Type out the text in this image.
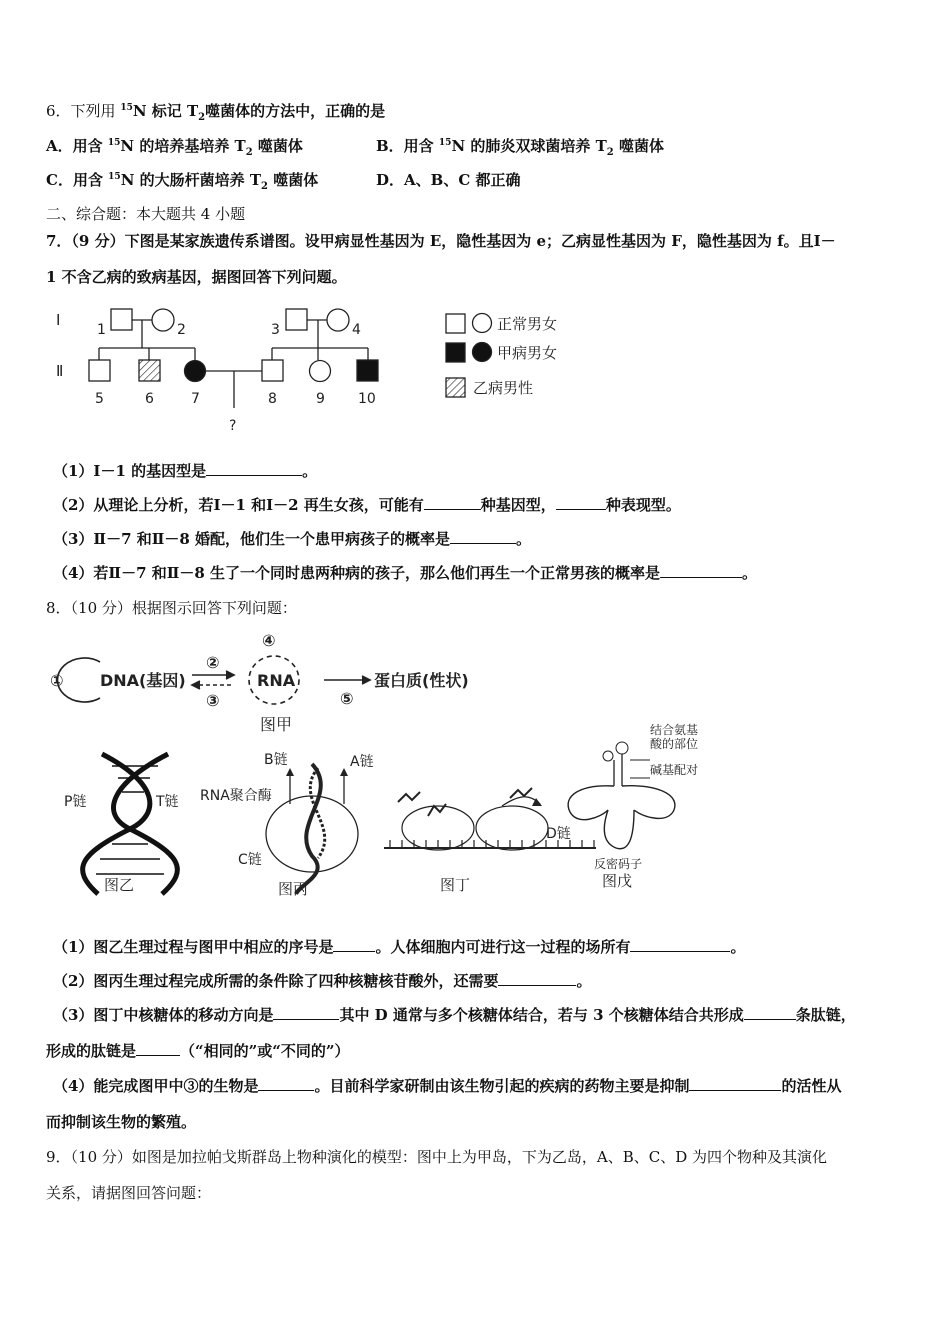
6．下列用 $^{15}$N 标记 $T_2$噬菌体的方法中，正确的是
A．用含 $^{15}$N 的培养基培养 $T_2$ 噬菌体	B．用含 $^{15}$N 的肺炎双球菌培养 $T_2$ 噬菌体
C．用含 $^{15}$N 的大肠杆菌培养 $T_2$ 噬菌体	D．A、B、C 都正确
二、综合题：本大题共 4 小题
7．（9 分）下图是某家族遗传系谱图。设甲病显性基因为 E，隐性基因为 e；乙病显性基因为 F，隐性基因为 f。且Ⅰ－
1 不含乙病的致病基因，据图回答下列问题。
Ⅰ
Ⅱ
1	2	3	4
5	6	7	8	9 10
?
正常男女
甲病男女
乙病男性
（1）Ⅰ－1 的基因型是	。
（2）从理论上分析，若Ⅰ－1 和Ⅰ－2 再生女孩，可能有	种基因型，	种表现型。
（3）Ⅱ－7 和Ⅱ－8 婚配，他们生一个患甲病孩子的概率是	。
（4）若Ⅱ－7 和Ⅱ－8 生了一个同时患两种病的孩子，那么他们再生一个正常男孩的概率是	。
8．（10 分）根据图示回答下列问题：
① DNA(基因)
②
③
④
RNA
⑤
蛋白质(性状)
图甲
P链	T链
图乙
B链	A链
RNA聚合酶
C链
图丙
D链
图丁
结合氨基
酸的部位
碱基配对
反密码子
图戊
（1）图乙生理过程与图甲中相应的序号是	。人体细胞内可进行这一过程的场所有	。
（2）图丙生理过程完成所需的条件除了四种核糖核苷酸外，还需要	。
（3）图丁中核糖体的移动方向是	其中 D 通常与多个核糖体结合，若与 3 个核糖体结合共形成	条肽链，
形成的肽链是	（“相同的”或“不同的”）
（4）能完成图甲中③的生物是	。目前科学家研制由该生物引起的疾病的药物主要是抑制	的活性从
而抑制该生物的繁殖。
9．（10 分）如图是加拉帕戈斯群岛上物种演化的模型：图中上为甲岛，下为乙岛，A、B、C、D 为四个物种及其演化
关系，请据图回答问题：
